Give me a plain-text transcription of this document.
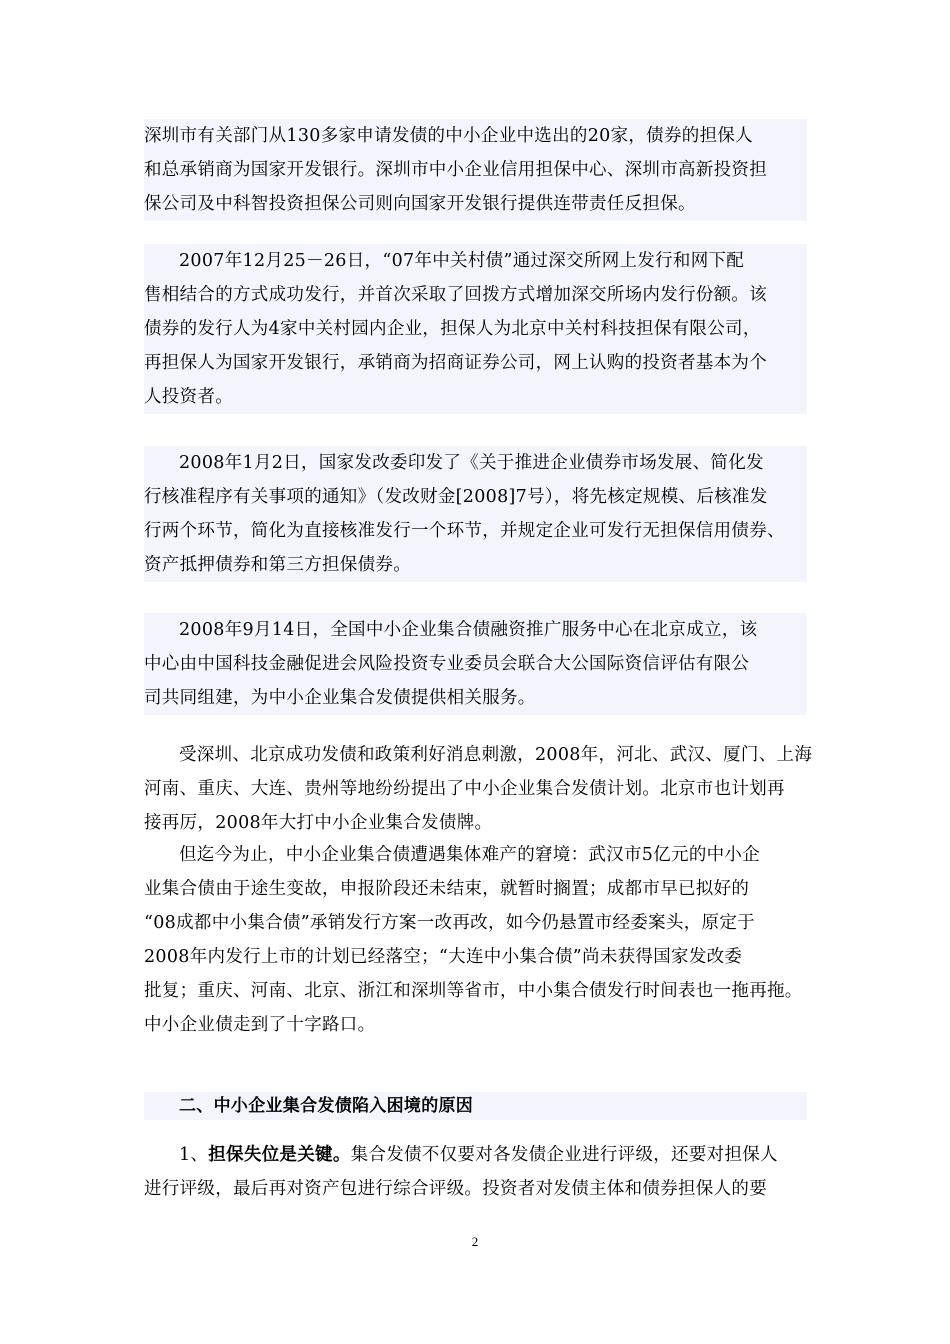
深圳市有关部门从130多家申请发债的中小企业中选出的20家，债券的担保人
和总承销商为国家开发银行。深圳市中小企业信用担保中心、深圳市高新投资担
保公司及中科智投资担保公司则向国家开发银行提供连带责任反担保。
2007年12月25－26日，“07年中关村债”通过深交所网上发行和网下配
售相结合的方式成功发行，并首次采取了回拨方式增加深交所场内发行份额。该
债券的发行人为4家中关村园内企业，担保人为北京中关村科技担保有限公司，
再担保人为国家开发银行，承销商为招商证券公司，网上认购的投资者基本为个
人投资者。
2008年1月2日，国家发改委印发了《关于推进企业债券市场发展、简化发
行核准程序有关事项的通知》（发改财金[2008]7号），将先核定规模、后核准发
行两个环节，简化为直接核准发行一个环节，并规定企业可发行无担保信用债券、
资产抵押债券和第三方担保债券。
2008年9月14日，全国中小企业集合债融资推广服务中心在北京成立，该
中心由中国科技金融促进会风险投资专业委员会联合大公国际资信评估有限公
司共同组建，为中小企业集合发债提供相关服务。
受深圳、北京成功发债和政策利好消息刺激，2008年，河北、武汉、厦门、上海
河南、重庆、大连、贵州等地纷纷提出了中小企业集合发债计划。北京市也计划再
接再厉，2008年大打中小企业集合发债牌。
但迄今为止，中小企业集合债遭遇集体难产的窘境：武汉市5亿元的中小企
业集合债由于途生变故，申报阶段还未结束，就暂时搁置；成都市早已拟好的
“08成都中小集合债”承销发行方案一改再改，如今仍悬置市经委案头，原定于
2008年内发行上市的计划已经落空；“大连中小集合债”尚未获得国家发改委
批复；重庆、河南、北京、浙江和深圳等省市，中小集合债发行时间表也一拖再拖。
中小企业债走到了十字路口。
二、中小企业集合发债陷入困境的原因
1、担保失位是关键。集合发债不仅要对各发债企业进行评级，还要对担保人
进行评级，最后再对资产包进行综合评级。投资者对发债主体和债券担保人的要
2
